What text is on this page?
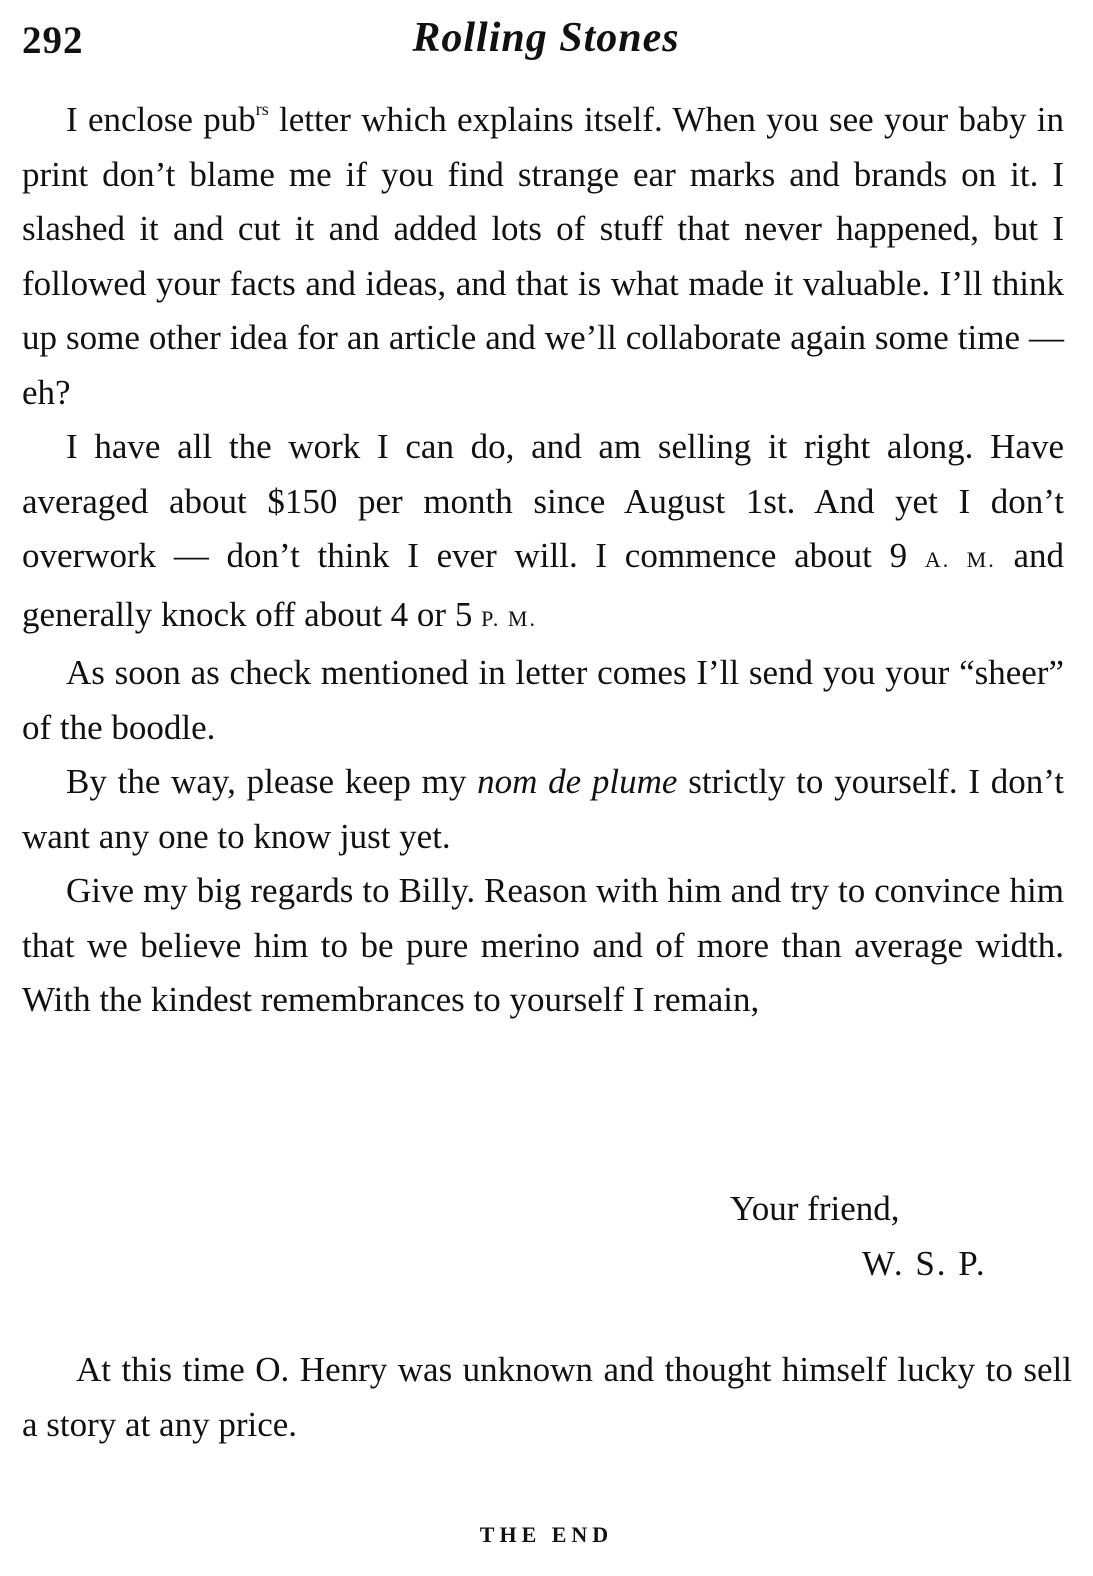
292	Rolling Stones

I enclose pub$^{rs}$ letter which explains itself. When you see your baby in print don’t blame me if you find strange ear marks and brands on it. I slashed it and cut it and added lots of stuff that never happened, but I followed your facts and ideas, and that is what made it valuable. I’ll think up some other idea for an article and we’ll collaborate again some time — eh?

I have all the work I can do, and am selling it right along. Have averaged about $150 per month since August 1st. And yet I don’t overwork — don’t think I ever will. I commence about 9 A. M. and generally knock off about 4 or 5 P. M.

As soon as check mentioned in letter comes I’ll send you your “sheer” of the boodle.

By the way, please keep my nom de plume strictly to yourself. I don’t want any one to know just yet.

Give my big regards to Billy. Reason with him and try to convince him that we believe him to be pure merino and of more than average width. With the kindest remembrances to yourself I remain,

Your friend,
W. S. P.

At this time O. Henry was unknown and thought himself lucky to sell a story at any price.

THE END
